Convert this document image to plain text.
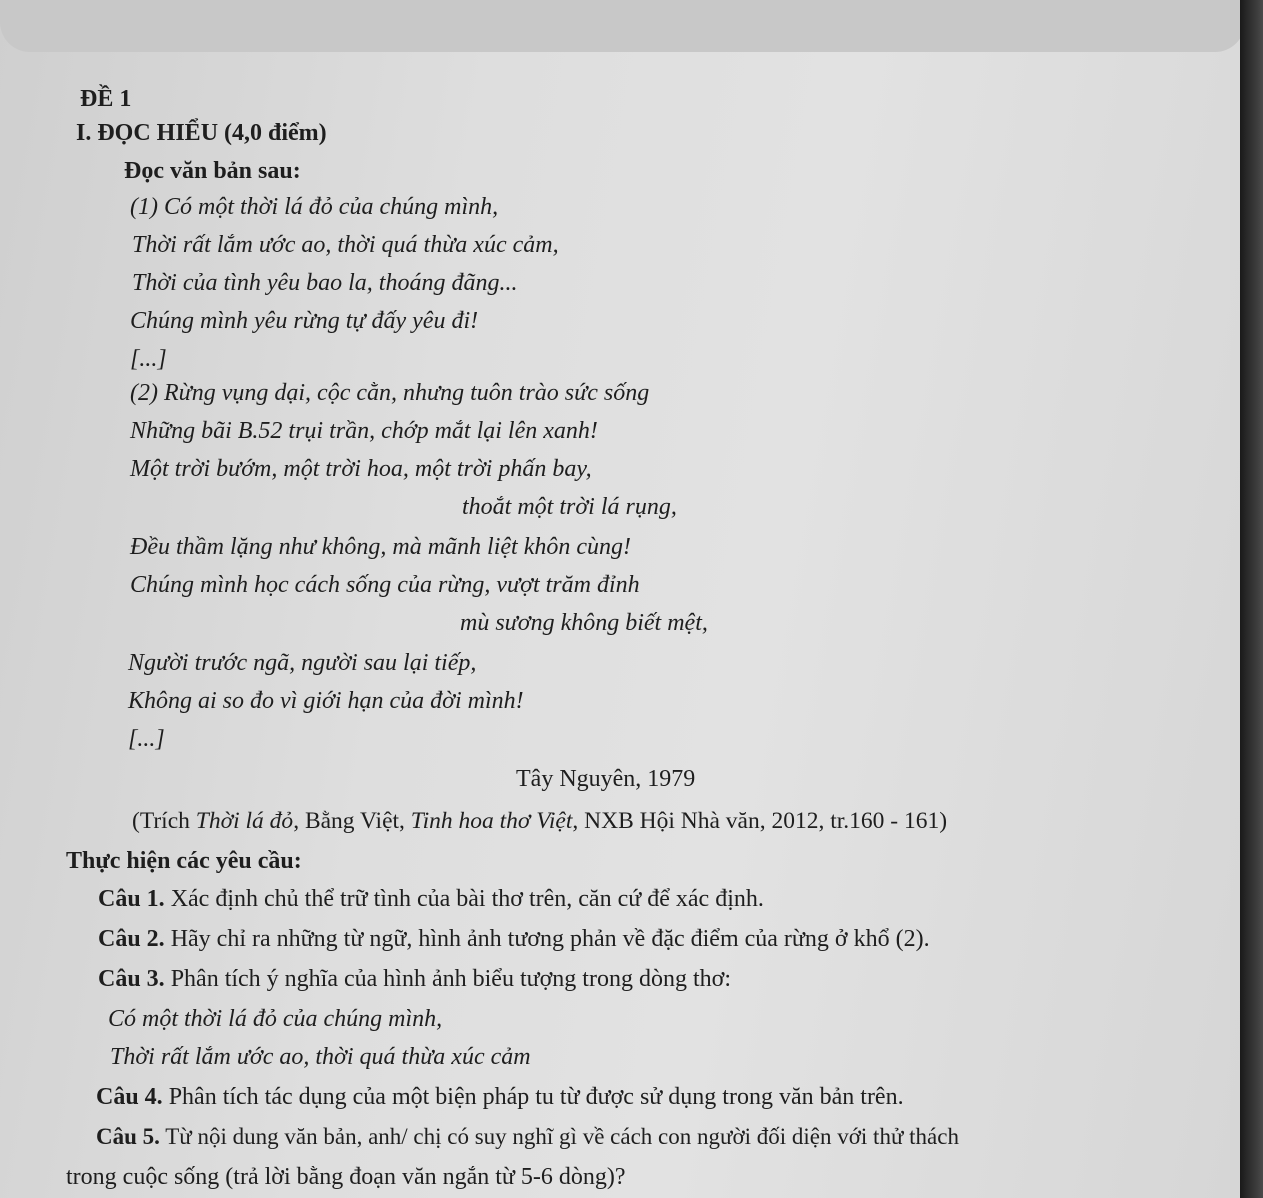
ĐỀ 1
I. ĐỌC HIỂU (4,0 điểm)
Đọc văn bản sau:
(1) Có một thời lá đỏ của chúng mình,
Thời rất lắm ước ao, thời quá thừa xúc cảm,
Thời của tình yêu bao la, thoáng đãng...
Chúng mình yêu rừng tự đấy yêu đi!
[...]
(2) Rừng vụng dại, cộc cằn, nhưng tuôn trào sức sống
Những bãi B.52 trụi trần, chớp mắt lại lên xanh!
Một trời bướm, một trời hoa, một trời phấn bay,
thoắt một trời lá rụng,
Đều thầm lặng như không, mà mãnh liệt khôn cùng!
Chúng mình học cách sống của rừng, vượt trăm đỉnh
mù sương không biết mệt,
Người trước ngã, người sau lại tiếp,
Không ai so đo vì giới hạn của đời mình!
[...]
Tây Nguyên, 1979
(Trích Thời lá đỏ, Bằng Việt, Tinh hoa thơ Việt, NXB Hội Nhà văn, 2012, tr.160 - 161)
Thực hiện các yêu cầu:
Câu 1. Xác định chủ thể trữ tình của bài thơ trên, căn cứ để xác định.
Câu 2. Hãy chỉ ra những từ ngữ, hình ảnh tương phản về đặc điểm của rừng ở khổ (2).
Câu 3. Phân tích ý nghĩa của hình ảnh biểu tượng trong dòng thơ:
Có một thời lá đỏ của chúng mình,
Thời rất lắm ước ao, thời quá thừa xúc cảm
Câu 4. Phân tích tác dụng của một biện pháp tu từ được sử dụng trong văn bản trên.
Câu 5. Từ nội dung văn bản, anh/ chị có suy nghĩ gì về cách con người đối diện với thử thách
trong cuộc sống (trả lời bằng đoạn văn ngắn từ 5-6 dòng)?
